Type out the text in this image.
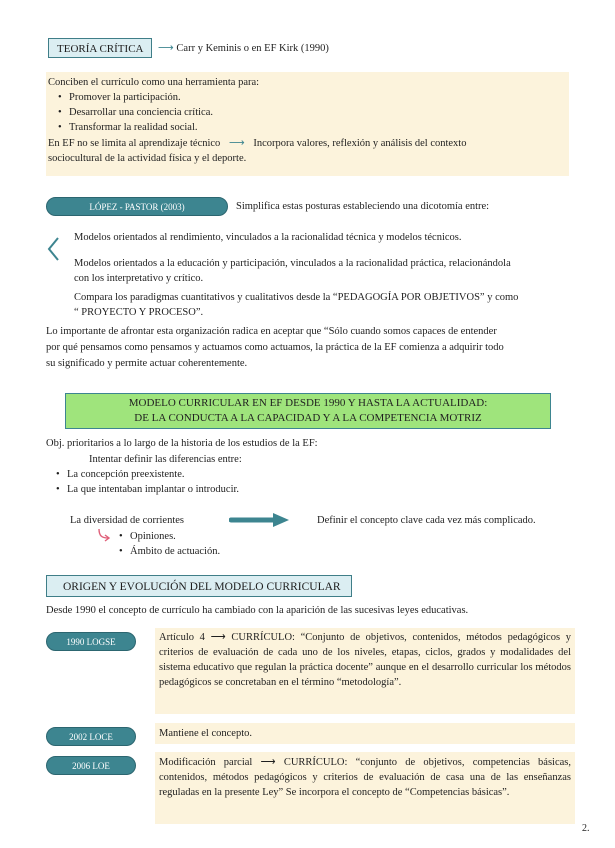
TEORÍA CRÍTICA	⟶ Carr y Keminis o en EF Kirk (1990)
Conciben el currículo como una herramienta para:
• Promover la participación.
• Desarrollar una conciencia crítica.
• Transformar la realidad social.
En EF no se limita al aprendizaje técnico ⟶ Incorpora valores, reflexión y análisis del contexto
sociocultural de la actividad física y el deporte.
LÓPEZ - PASTOR (2003)	Simplifica estas posturas estableciendo una dicotomía entre:
Modelos orientados al rendimiento, vinculados a la racionalidad técnica y modelos técnicos.
Modelos orientados a la educación y participación, vinculados a la racionalidad práctica, relacionándola
con los interpretativo y crítico.
Compara los paradigmas cuantitativos y cualitativos desde la “PEDAGOGÍA POR OBJETIVOS” y como
“ PROYECTO Y PROCESO”.
Lo importante de afrontar esta organización radica en aceptar que “Sólo cuando somos capaces de entender
por qué pensamos como pensamos y actuamos como actuamos, la práctica de la EF comienza a adquirir todo
su significado y permite actuar coherentemente.
MODELO CURRICULAR EN EF DESDE 1990 Y HASTA LA ACTUALIDAD:
DE LA CONDUCTA A LA CAPACIDAD Y A LA COMPETENCIA MOTRIZ
Obj. prioritarios a lo largo de la historia de los estudios de la EF:
Intentar definir las diferencias entre:
• La concepción preexistente.
• La que intentaban implantar o introducir.
La diversidad de corrientes	Definir el concepto clave cada vez más complicado.
• Opiniones.
• Ámbito de actuación.
ORIGEN Y EVOLUCIÓN DEL MODELO CURRICULAR
Desde 1990 el concepto de currículo ha cambiado con la aparición de las sucesivas leyes educativas.
1990 LOGSE	Artículo 4 ⟶ CURRÍCULO: “Conjunto de objetivos, contenidos, métodos pedagógicos y criterios de evaluación de cada uno de los niveles, etapas, ciclos, grados y modalidades del sistema educativo que regulan la práctica docente” aunque en el desarrollo curricular los métodos pedagógicos se concretaban en el término “metodología”.
2002 LOCE	Mantiene el concepto.
2006 LOE	Modificación parcial ⟶ CURRÍCULO: “conjunto de objetivos, competencias básicas, contenidos, métodos pedagógicos y criterios de evaluación de casa una de las enseñanzas reguladas en la presente Ley” Se incorpora el concepto de “Competencias básicas”.
2.
